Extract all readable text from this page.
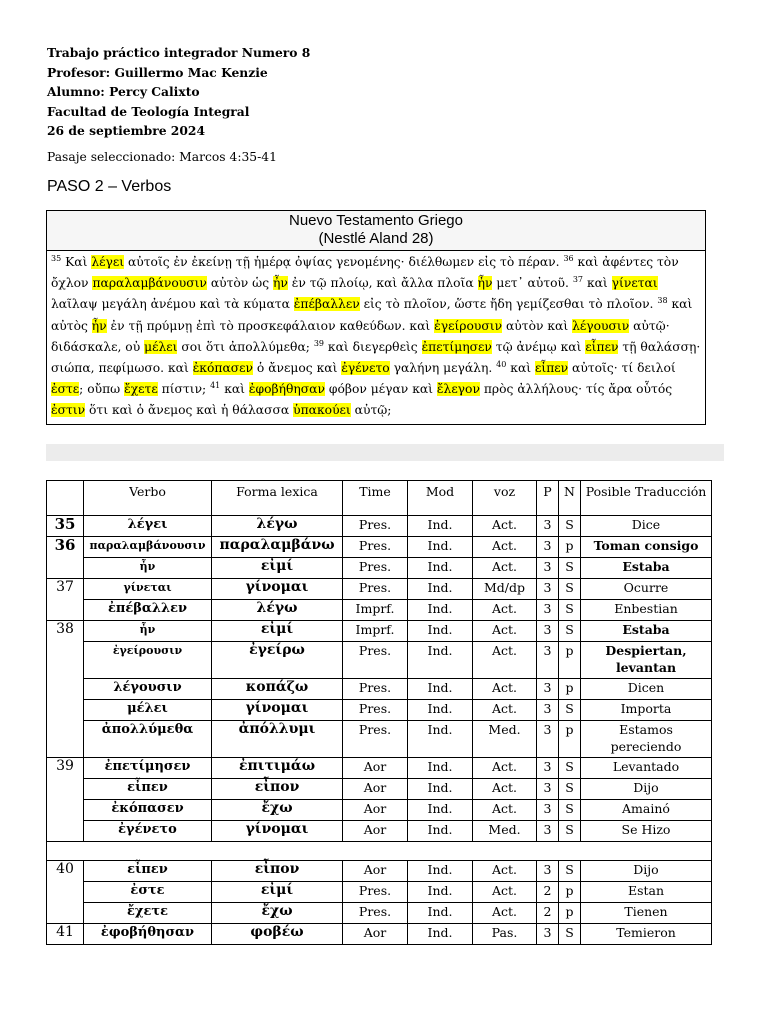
Trabajo práctico integrador Numero 8
Profesor: Guillermo Mac Kenzie
Alumno: Percy Calixto
Facultad de Teología Integral
26 de septiembre 2024
Pasaje seleccionado: Marcos 4:35-41
PASO 2 – Verbos
Nuevo Testamento Griego
(Nestlé Aland 28)
$^{35}$ Καὶ λέγει αὐτοῖς ἐν ἐκείνῃ τῇ ἡμέρᾳ ὀψίας γενομένης· διέλθωμεν εἰς τὸ πέραν. $^{36}$ καὶ ἀφέντες τὸν ὄχλον παραλαμβάνουσιν αὐτὸν ὡς ἦν ἐν τῷ πλοίῳ, καὶ ἄλλα πλοῖα ἦν μετ᾽ αὐτοῦ. $^{37}$ καὶ γίνεται λαῖλαψ μεγάλη ἀνέμου καὶ τὰ κύματα ἐπέβαλλεν εἰς τὸ πλοῖον, ὥστε ἤδη γεμίζεσθαι τὸ πλοῖον. $^{38}$ καὶ αὐτὸς ἦν ἐν τῇ πρύμνῃ ἐπὶ τὸ προσκεφάλαιον καθεύδων. καὶ ἐγείρουσιν αὐτὸν καὶ λέγουσιν αὐτῷ· διδάσκαλε, οὐ μέλει σοι ὅτι ἀπολλύμεθα; $^{39}$ καὶ διεγερθεὶς ἐπετίμησεν τῷ ἀνέμῳ καὶ εἶπεν τῇ θαλάσσῃ· σιώπα, πεφίμωσο. καὶ ἐκόπασεν ὁ ἄνεμος καὶ ἐγένετο γαλήνη μεγάλη. $^{40}$ καὶ εἶπεν αὐτοῖς· τί δειλοί ἐστε; οὔπω ἔχετε πίστιν; $^{41}$ καὶ ἐφοβήθησαν φόβον μέγαν καὶ ἔλεγον πρὸς ἀλλήλους· τίς ἄρα οὗτός ἐστιν ὅτι καὶ ὁ ἄνεμος καὶ ἡ θάλασσα ὑπακούει αὐτῷ;
	Verbo	Forma lexica	Time	Mod	voz	P	N	Posible Traducción
35	λέγει	λέγω	Pres.	Ind.	Act.	3	S	Dice
36	παραλαμβάνουσιν	παραλαμβάνω	Pres.	Ind.	Act.	3	p	Toman consigo
	ἦν	εἰμί	Pres.	Ind.	Act.	3	S	Estaba
37	γίνεται	γίνομαι	Pres.	Ind.	Md/dp	3	S	Ocurre
	ἐπέβαλλεν	λέγω	Imprf.	Ind.	Act.	3	S	Enbestian
38	ἦν	εἰμί	Imprf.	Ind.	Act.	3	S	Estaba
	ἐγείρουσιν	ἐγείρω	Pres.	Ind.	Act.	3	p	Despiertan, levantan
	λέγουσιν	κοπάζω	Pres.	Ind.	Act.	3	p	Dicen
	μέλει	γίνομαι	Pres.	Ind.	Act.	3	S	Importa
	ἀπολλύμεθα	ἀπόλλυμι	Pres.	Ind.	Med.	3	p	Estamos pereciendo
39	ἐπετίμησεν	ἐπιτιμάω	Aor	Ind.	Act.	3	S	Levantado
	εἶπεν	εἶπον	Aor	Ind.	Act.	3	S	Dijo
	ἐκόπασεν	ἔχω	Aor	Ind.	Act.	3	S	Amainó
	ἐγένετο	γίνομαι	Aor	Ind.	Med.	3	S	Se Hizo

40	εἶπεν	εἶπον	Aor	Ind.	Act.	3	S	Dijo
	ἐστε	εἰμί	Pres.	Ind.	Act.	2	p	Estan
	ἔχετε	ἔχω	Pres.	Ind.	Act.	2	p	Tienen
41	ἐφοβήθησαν	φοβέω	Aor	Ind.	Pas.	3	S	Temieron
